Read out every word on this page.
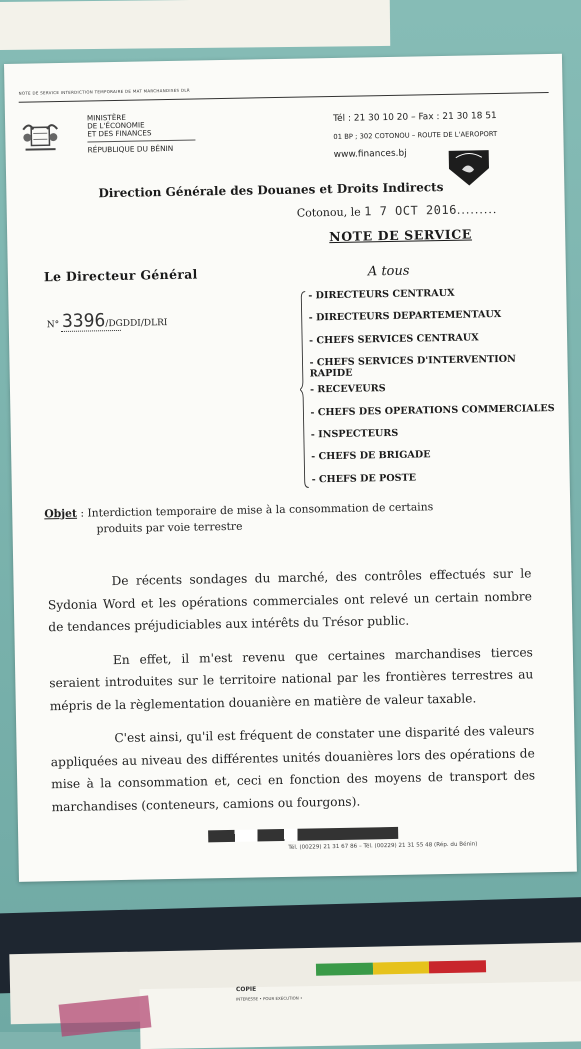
COPIE
INTERESSE • POUR EXECUTION •
NOTE DE SERVICE INTERDICTION TEMPORAIRE DE MAT MARCHANDISES DLR
MINISTÈRE
DE L'ÉCONOMIE
ET DES FINANCES
RÉPUBLIQUE DU BÉNIN
Tél : 21 30 10 20 – Fax : 21 30 18 51
01 BP ; 302 COTONOU – ROUTE DE L'AEROPORT
www.finances.bj
Direction Générale des Douanes et Droits Indirects
Cotonou, le 1 7 OCT 2016.........
NOTE DE SERVICE
Le Directeur Général	A tous
N° 3396/DGDDI/DLRI
- DIRECTEURS CENTRAUX
- DIRECTEURS DEPARTEMENTAUX
- CHEFS SERVICES CENTRAUX
- CHEFS SERVICES D'INTERVENTION RAPIDE
- RECEVEURS
- CHEFS DES OPERATIONS COMMERCIALES
- INSPECTEURS
- CHEFS DE BRIGADE
- CHEFS DE POSTE
Objet : Interdiction temporaire de mise à la consommation de certains
produits par voie terrestre

De récents sondages du marché, des contrôles effectués sur le Sydonia Word et les opérations commerciales ont relevé un certain nombre de tendances préjudiciables aux intérêts du Trésor public.

En effet, il m'est revenu que certaines marchandises tierces seraient introduites sur le territoire national par les frontières terrestres au mépris de la règlementation douanière en matière de valeur taxable.

C'est ainsi, qu'il est fréquent de constater une disparité des valeurs appliquées au niveau des différentes unités douanières lors des opérations de mise à la consommation et, ceci en fonction des moyens de transport des marchandises (conteneurs, camions ou fourgons).

Tél. (00229) 21 31 67 86 – Tél. (00229) 21 31 55 48 (Rép. du Bénin)
